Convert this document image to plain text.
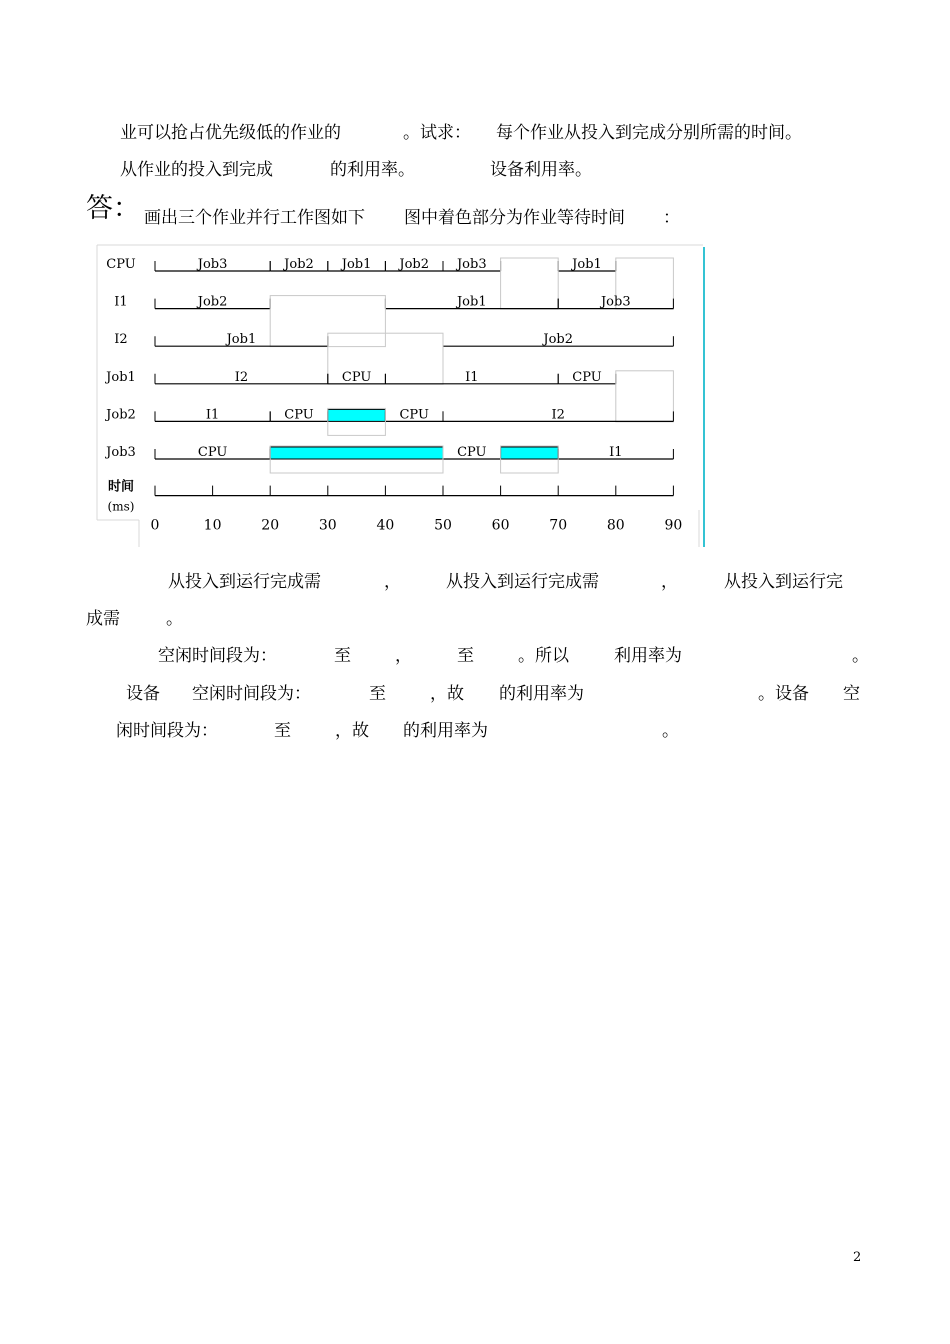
业可以抢占优先级低的作业的	。试求： 每个作业从投入到完成分别所需的时间。
从作业的投入到完成	的利用率。	设备利用率。
答： 画出三个作业并行工作图如下 图中着色部分为作业等待时间 ：
CPU	Job3	Job2 Job1 Job2 Job3	Job1
I1	Job2	Job1	Job3
I2	Job1	Job2
Job1	I2	CPU	I1	CPU
Job2	I1	CPU	CPU	I2
Job3	CPU	CPU	I1
0	10	20	30	40	50	60	70	80	90
时间
(ms)
从投入到运行完成需	，	从投入到运行完成需	，	从投入到运行完
成需	。
空闲时间段为：	至	，	至	。所以	利用率为	。
设备 空闲时间段为：	至	，故 的利用率为	。设备 空
闲时间段为：	至	，故 的利用率为	。
2
